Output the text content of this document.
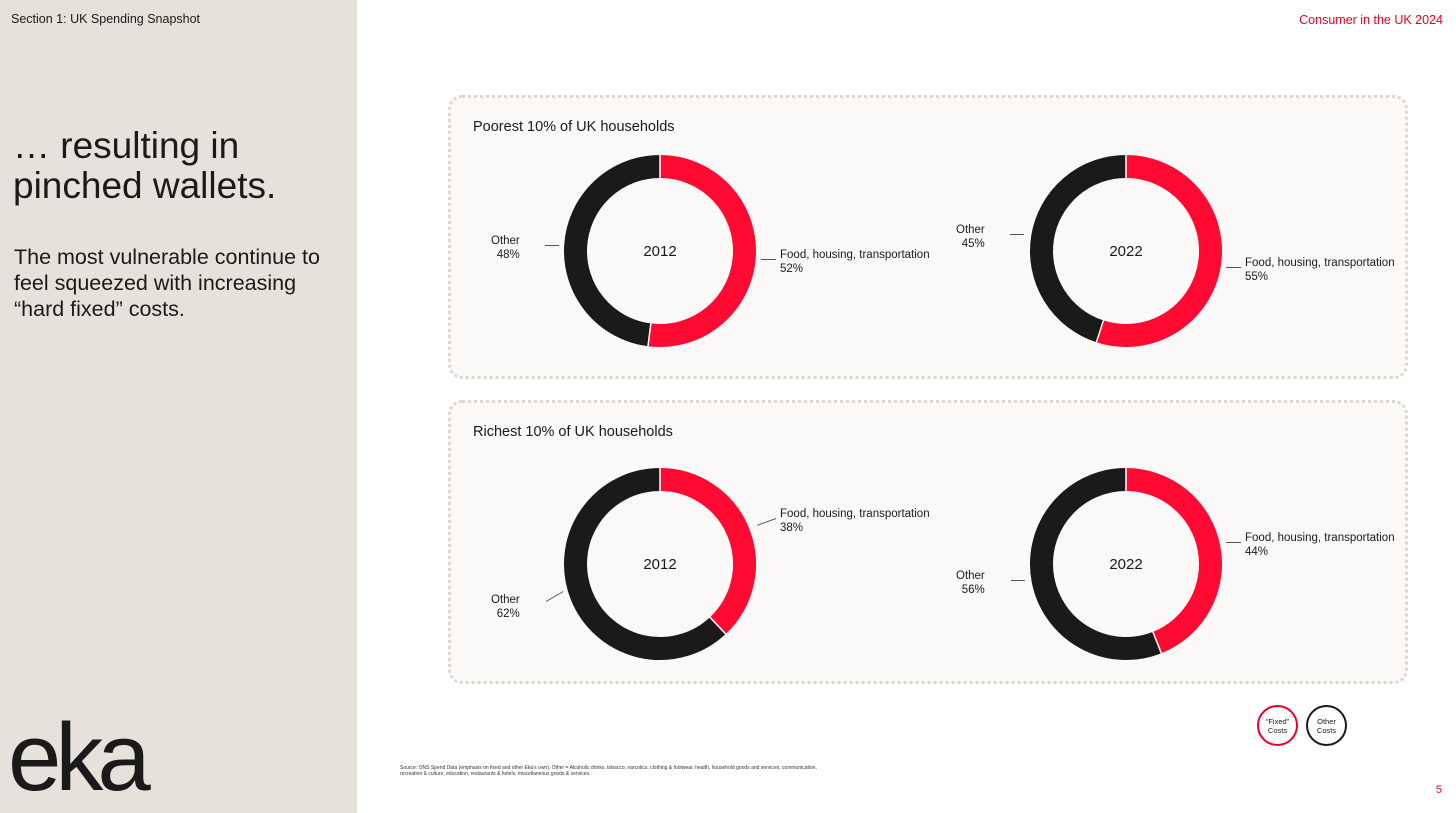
Section 1: UK Spending Snapshot
… resulting in
pinched wallets.
The most vulnerable continue to
feel squeezed with increasing
“hard fixed” costs.
eka
Consumer in the UK 2024
Poorest 10% of UK households
2012
Other
48%	Food, housing, transportation
52%
2022
Other
45%
Food, housing, transportation
55%
Richest 10% of UK households
2012
Food, housing, transportation
38%
Other
62%
2022
Food, housing, transportation
44%
Other
56%
“Fixed”
Costs
Other
Costs
Source: ONS Spend Data (emphasis on fixed and other Eka’s own). Other = Alcoholic drinks, tobacco, narcotics, clothing & footwear, health, household goods and services, communication, recreation & culture, education, restaurants & hotels, miscellaneous goods & services.
5
